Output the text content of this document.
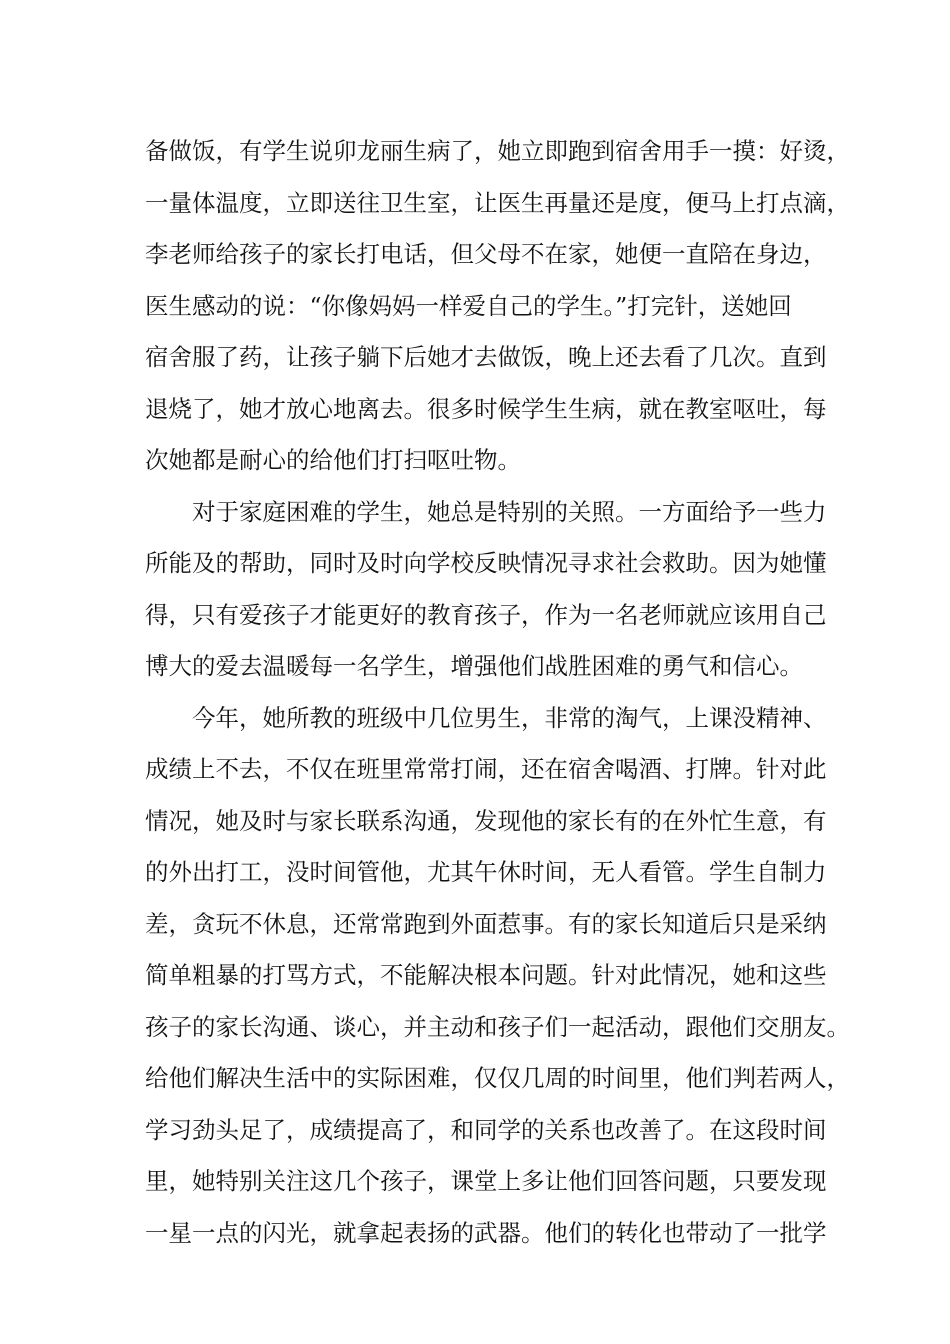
备做饭，有学生说卯龙丽生病了，她立即跑到宿舍用手一摸：好烫，
一量体温度，立即送往卫生室，让医生再量还是度，便马上打点滴，
李老师给孩子的家长打电话，但父母不在家，她便一直陪在身边，
医生感动的说：“你像妈妈一样爱自己的学生。”打完针，送她回
宿舍服了药，让孩子躺下后她才去做饭，晚上还去看了几次。直到
退烧了，她才放心地离去。很多时候学生生病，就在教室呕吐，每
次她都是耐心的给他们打扫呕吐物。
　　对于家庭困难的学生，她总是特别的关照。一方面给予一些力
所能及的帮助，同时及时向学校反映情况寻求社会救助。因为她懂
得，只有爱孩子才能更好的教育孩子，作为一名老师就应该用自己
博大的爱去温暖每一名学生，增强他们战胜困难的勇气和信心。
　　今年，她所教的班级中几位男生，非常的淘气，上课没精神、
成绩上不去，不仅在班里常常打闹，还在宿舍喝酒、打牌。针对此
情况，她及时与家长联系沟通，发现他的家长有的在外忙生意，有
的外出打工，没时间管他，尤其午休时间，无人看管。学生自制力
差，贪玩不休息，还常常跑到外面惹事。有的家长知道后只是采纳
简单粗暴的打骂方式，不能解决根本问题。针对此情况，她和这些
孩子的家长沟通、谈心，并主动和孩子们一起活动，跟他们交朋友。
给他们解决生活中的实际困难，仅仅几周的时间里，他们判若两人，
学习劲头足了，成绩提高了，和同学的关系也改善了。在这段时间
里，她特别关注这几个孩子，课堂上多让他们回答问题，只要发现
一星一点的闪光，就拿起表扬的武器。他们的转化也带动了一批学
